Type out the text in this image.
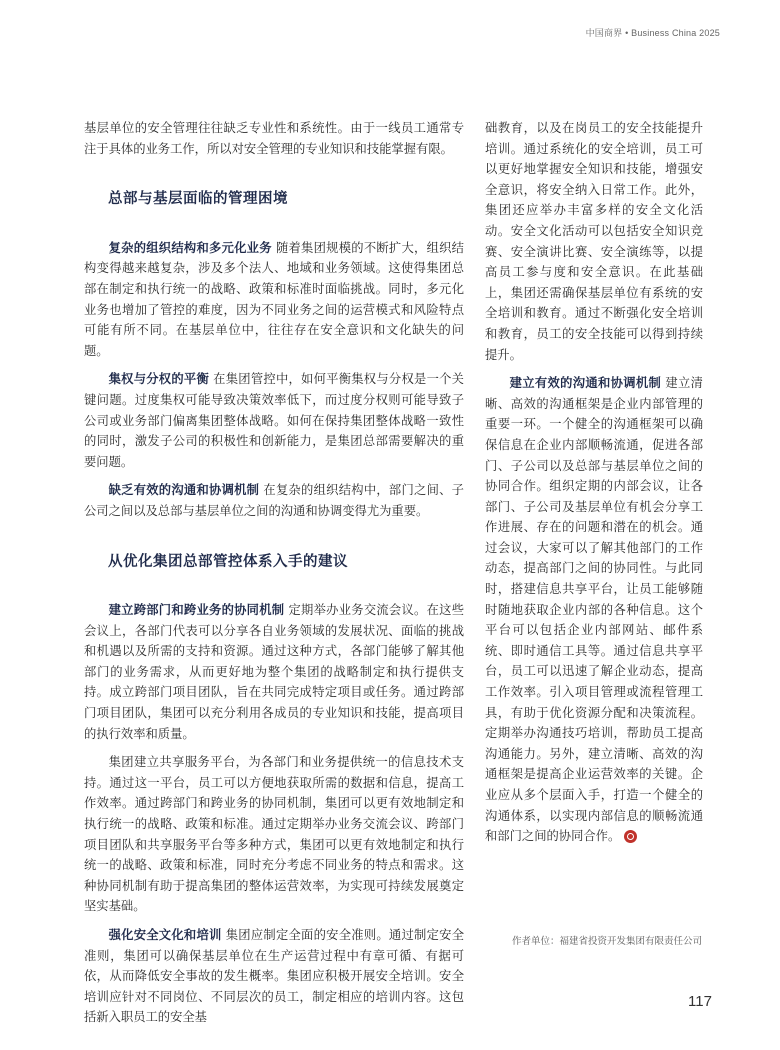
中国商界 • Business China 2025

基层单位的安全管理往往缺乏专业性和系统性。由于一线员工通常专注于具体的业务工作，所以对安全管理的专业知识和技能掌握有限。

总部与基层面临的管理困境

复杂的组织结构和多元化业务 随着集团规模的不断扩大，组织结构变得越来越复杂，涉及多个法人、地域和业务领域。这使得集团总部在制定和执行统一的战略、政策和标准时面临挑战。同时，多元化业务也增加了管控的难度，因为不同业务之间的运营模式和风险特点可能有所不同。在基层单位中，往往存在安全意识和文化缺失的问题。

集权与分权的平衡 在集团管控中，如何平衡集权与分权是一个关键问题。过度集权可能导致决策效率低下，而过度分权则可能导致子公司或业务部门偏离集团整体战略。如何在保持集团整体战略一致性的同时，激发子公司的积极性和创新能力，是集团总部需要解决的重要问题。

缺乏有效的沟通和协调机制 在复杂的组织结构中，部门之间、子公司之间以及总部与基层单位之间的沟通和协调变得尤为重要。

从优化集团总部管控体系入手的建议

建立跨部门和跨业务的协同机制 定期举办业务交流会议。在这些会议上，各部门代表可以分享各自业务领域的发展状况、面临的挑战和机遇以及所需的支持和资源。通过这种方式，各部门能够了解其他部门的业务需求，从而更好地为整个集团的战略制定和执行提供支持。成立跨部门项目团队，旨在共同完成特定项目或任务。通过跨部门项目团队，集团可以充分利用各成员的专业知识和技能，提高项目的执行效率和质量。

集团建立共享服务平台，为各部门和业务提供统一的信息技术支持。通过这一平台，员工可以方便地获取所需的数据和信息，提高工作效率。通过跨部门和跨业务的协同机制，集团可以更有效地制定和执行统一的战略、政策和标准。通过定期举办业务交流会议、跨部门项目团队和共享服务平台等多种方式，集团可以更有效地制定和执行统一的战略、政策和标准，同时充分考虑不同业务的特点和需求。这种协同机制有助于提高集团的整体运营效率，为实现可持续发展奠定坚实基础。

强化安全文化和培训 集团应制定全面的安全准则。通过制定安全准则，集团可以确保基层单位在生产运营过程中有章可循、有据可依，从而降低安全事故的发生概率。集团应积极开展安全培训。安全培训应针对不同岗位、不同层次的员工，制定相应的培训内容。这包括新入职员工的安全基

础教育，以及在岗员工的安全技能提升培训。通过系统化的安全培训，员工可以更好地掌握安全知识和技能，增强安全意识，将安全纳入日常工作。此外，集团还应举办丰富多样的安全文化活动。安全文化活动可以包括安全知识竞赛、安全演讲比赛、安全演练等，以提高员工参与度和安全意识。在此基础上，集团还需确保基层单位有系统的安全培训和教育。通过不断强化安全培训和教育，员工的安全技能可以得到持续提升。

建立有效的沟通和协调机制 建立清晰、高效的沟通框架是企业内部管理的重要一环。一个健全的沟通框架可以确保信息在企业内部顺畅流通，促进各部门、子公司以及总部与基层单位之间的协同合作。组织定期的内部会议，让各部门、子公司及基层单位有机会分享工作进展、存在的问题和潜在的机会。通过会议，大家可以了解其他部门的工作动态，提高部门之间的协同性。与此同时，搭建信息共享平台，让员工能够随时随地获取企业内部的各种信息。这个平台可以包括企业内部网站、邮件系统、即时通信工具等。通过信息共享平台，员工可以迅速了解企业动态，提高工作效率。引入项目管理或流程管理工具，有助于优化资源分配和决策流程。定期举办沟通技巧培训，帮助员工提高沟通能力。另外，建立清晰、高效的沟通框架是提高企业运营效率的关键。企业应从多个层面入手，打造一个健全的沟通体系，以实现内部信息的顺畅流通和部门之间的协同合作。

作者单位：福建省投资开发集团有限责任公司
117
